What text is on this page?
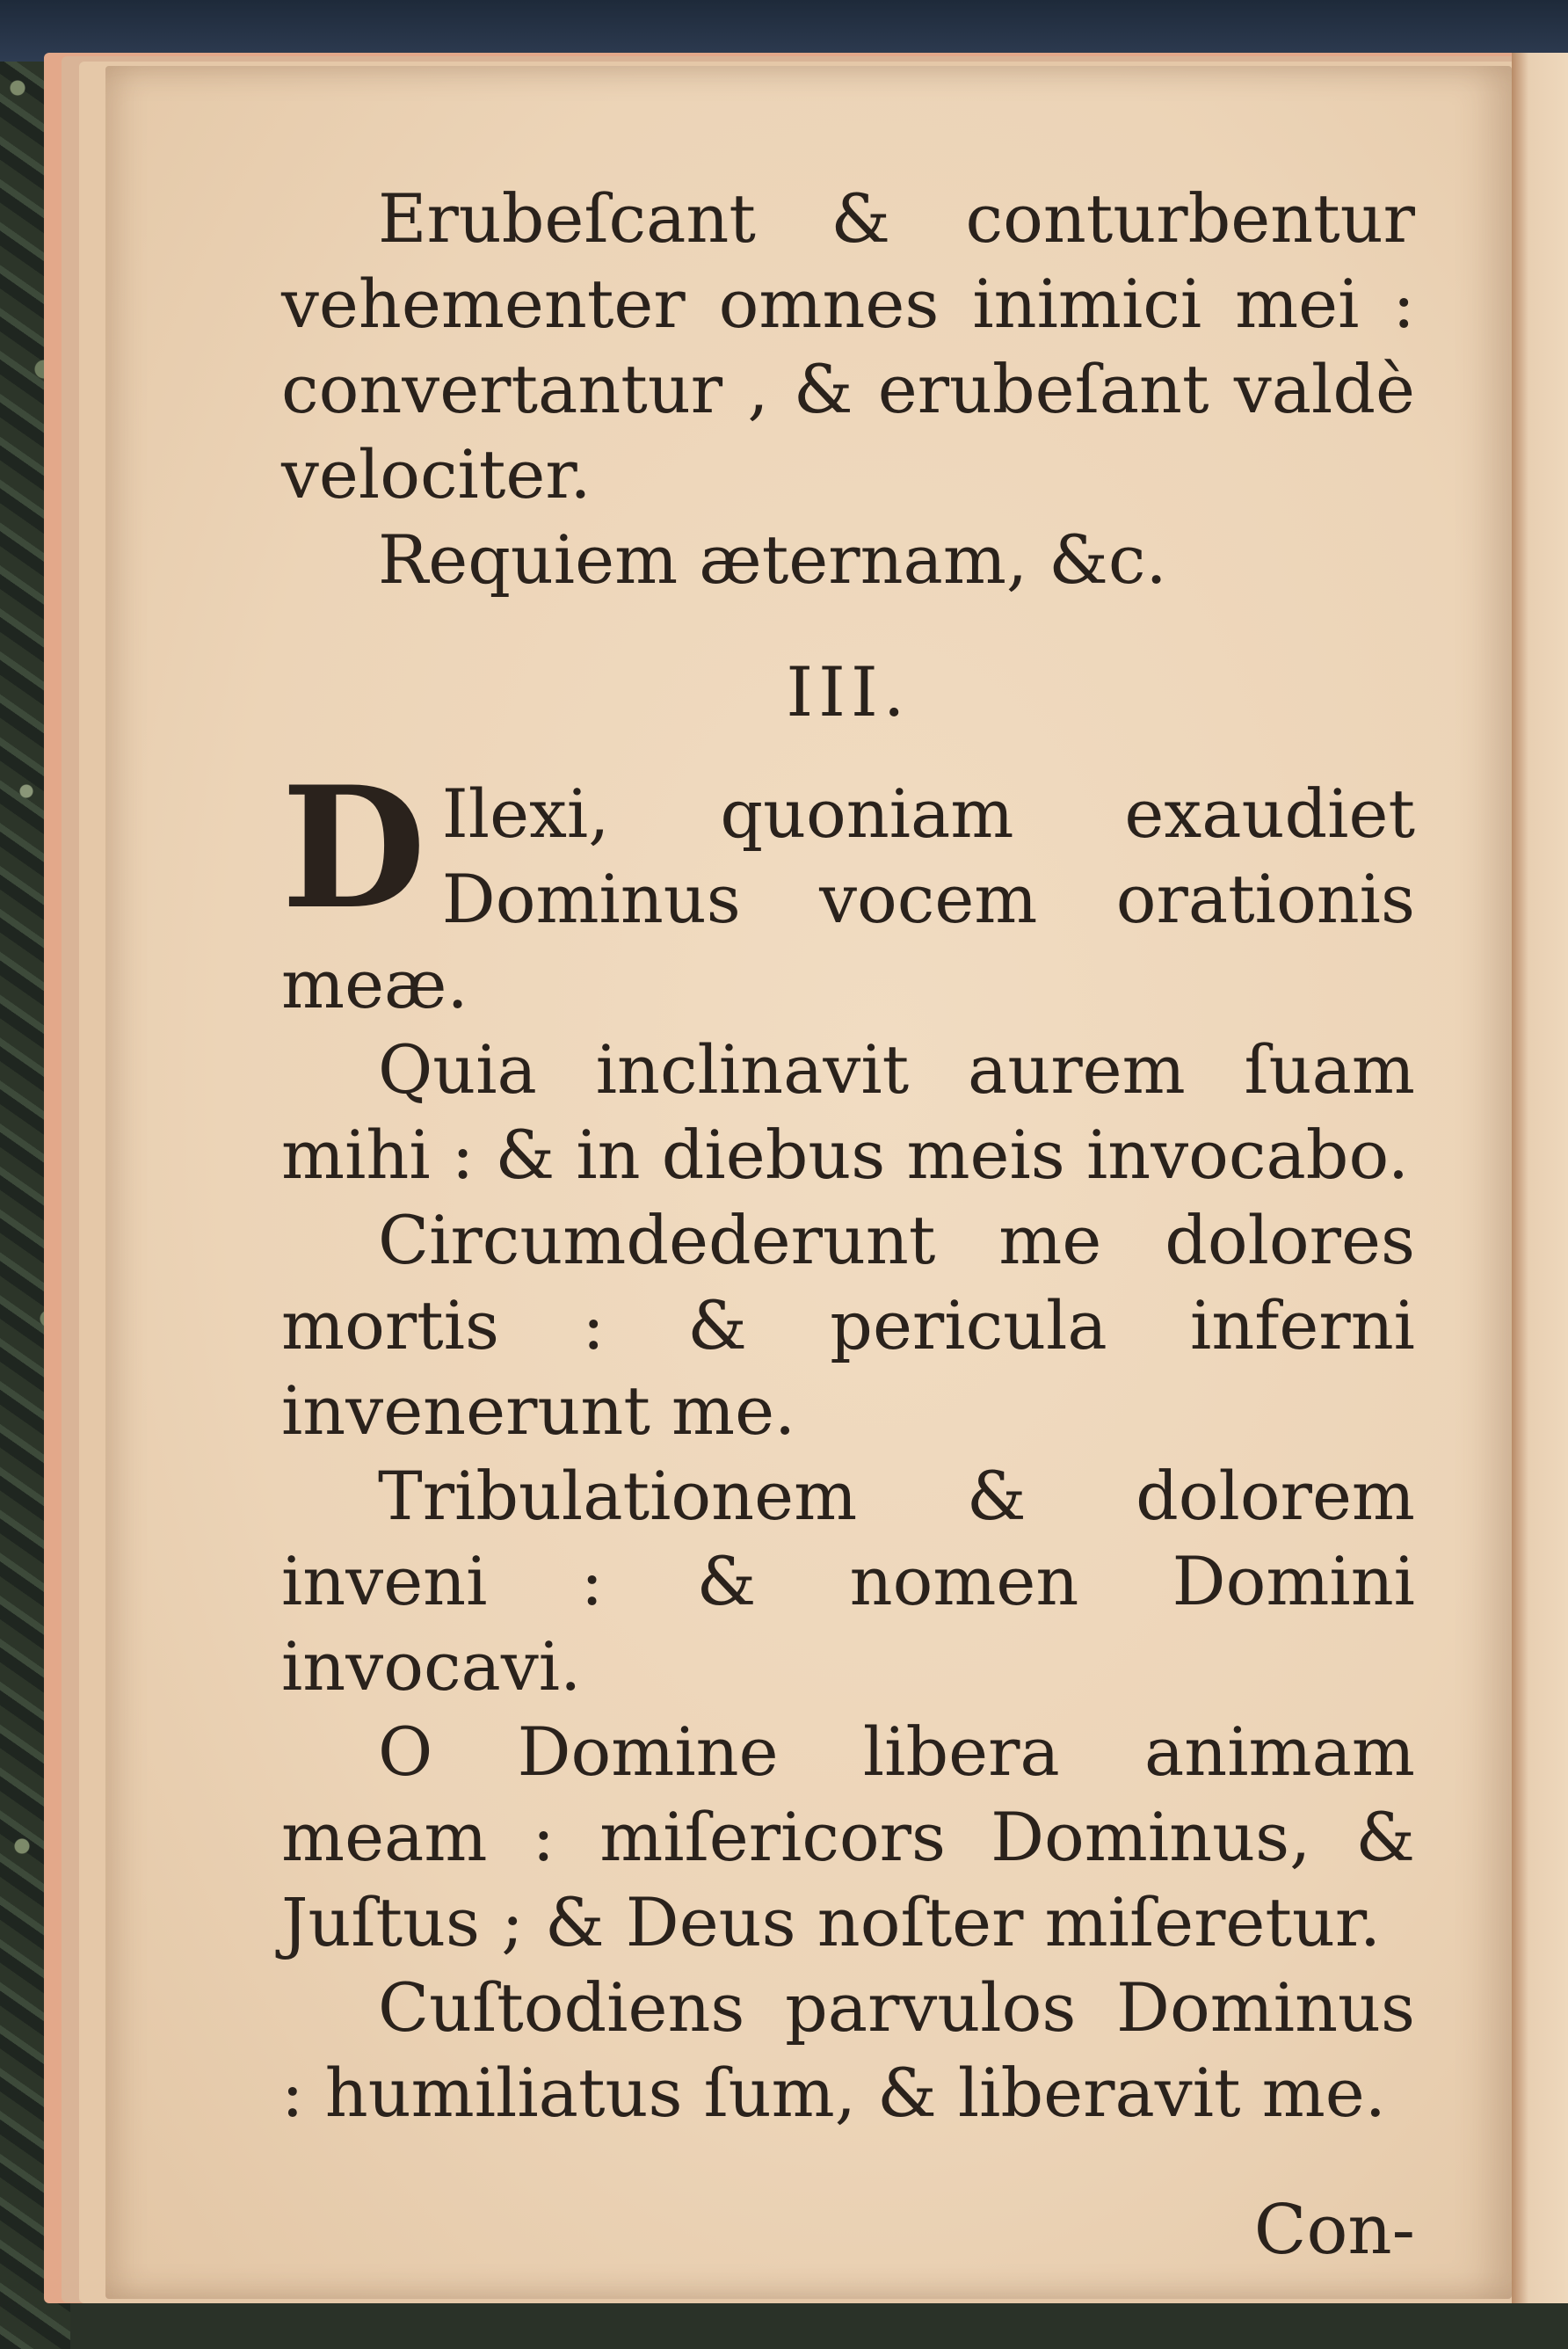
Erubeſcant & conturbentur vehementer omnes inimici mei : convertantur , & erubeſant valdè velociter.

Requiem æternam, &c.

III.

D Ilexi, quoniam exaudiet Dominus vocem orationis meæ.

Quia inclinavit aurem ſuam mihi : & in diebus meis invocabo.

Circumdederunt me dolores mortis : & pericula inferni invenerunt me.

Tribulationem & dolorem inveni : & nomen Domini invocavi.

O Domine libera animam meam : miſericors Dominus, & Juſtus ; & Deus noſter miſeretur.

Cuſtodiens parvulos Dominus : humiliatus ſum, & liberavit me.

Con-
